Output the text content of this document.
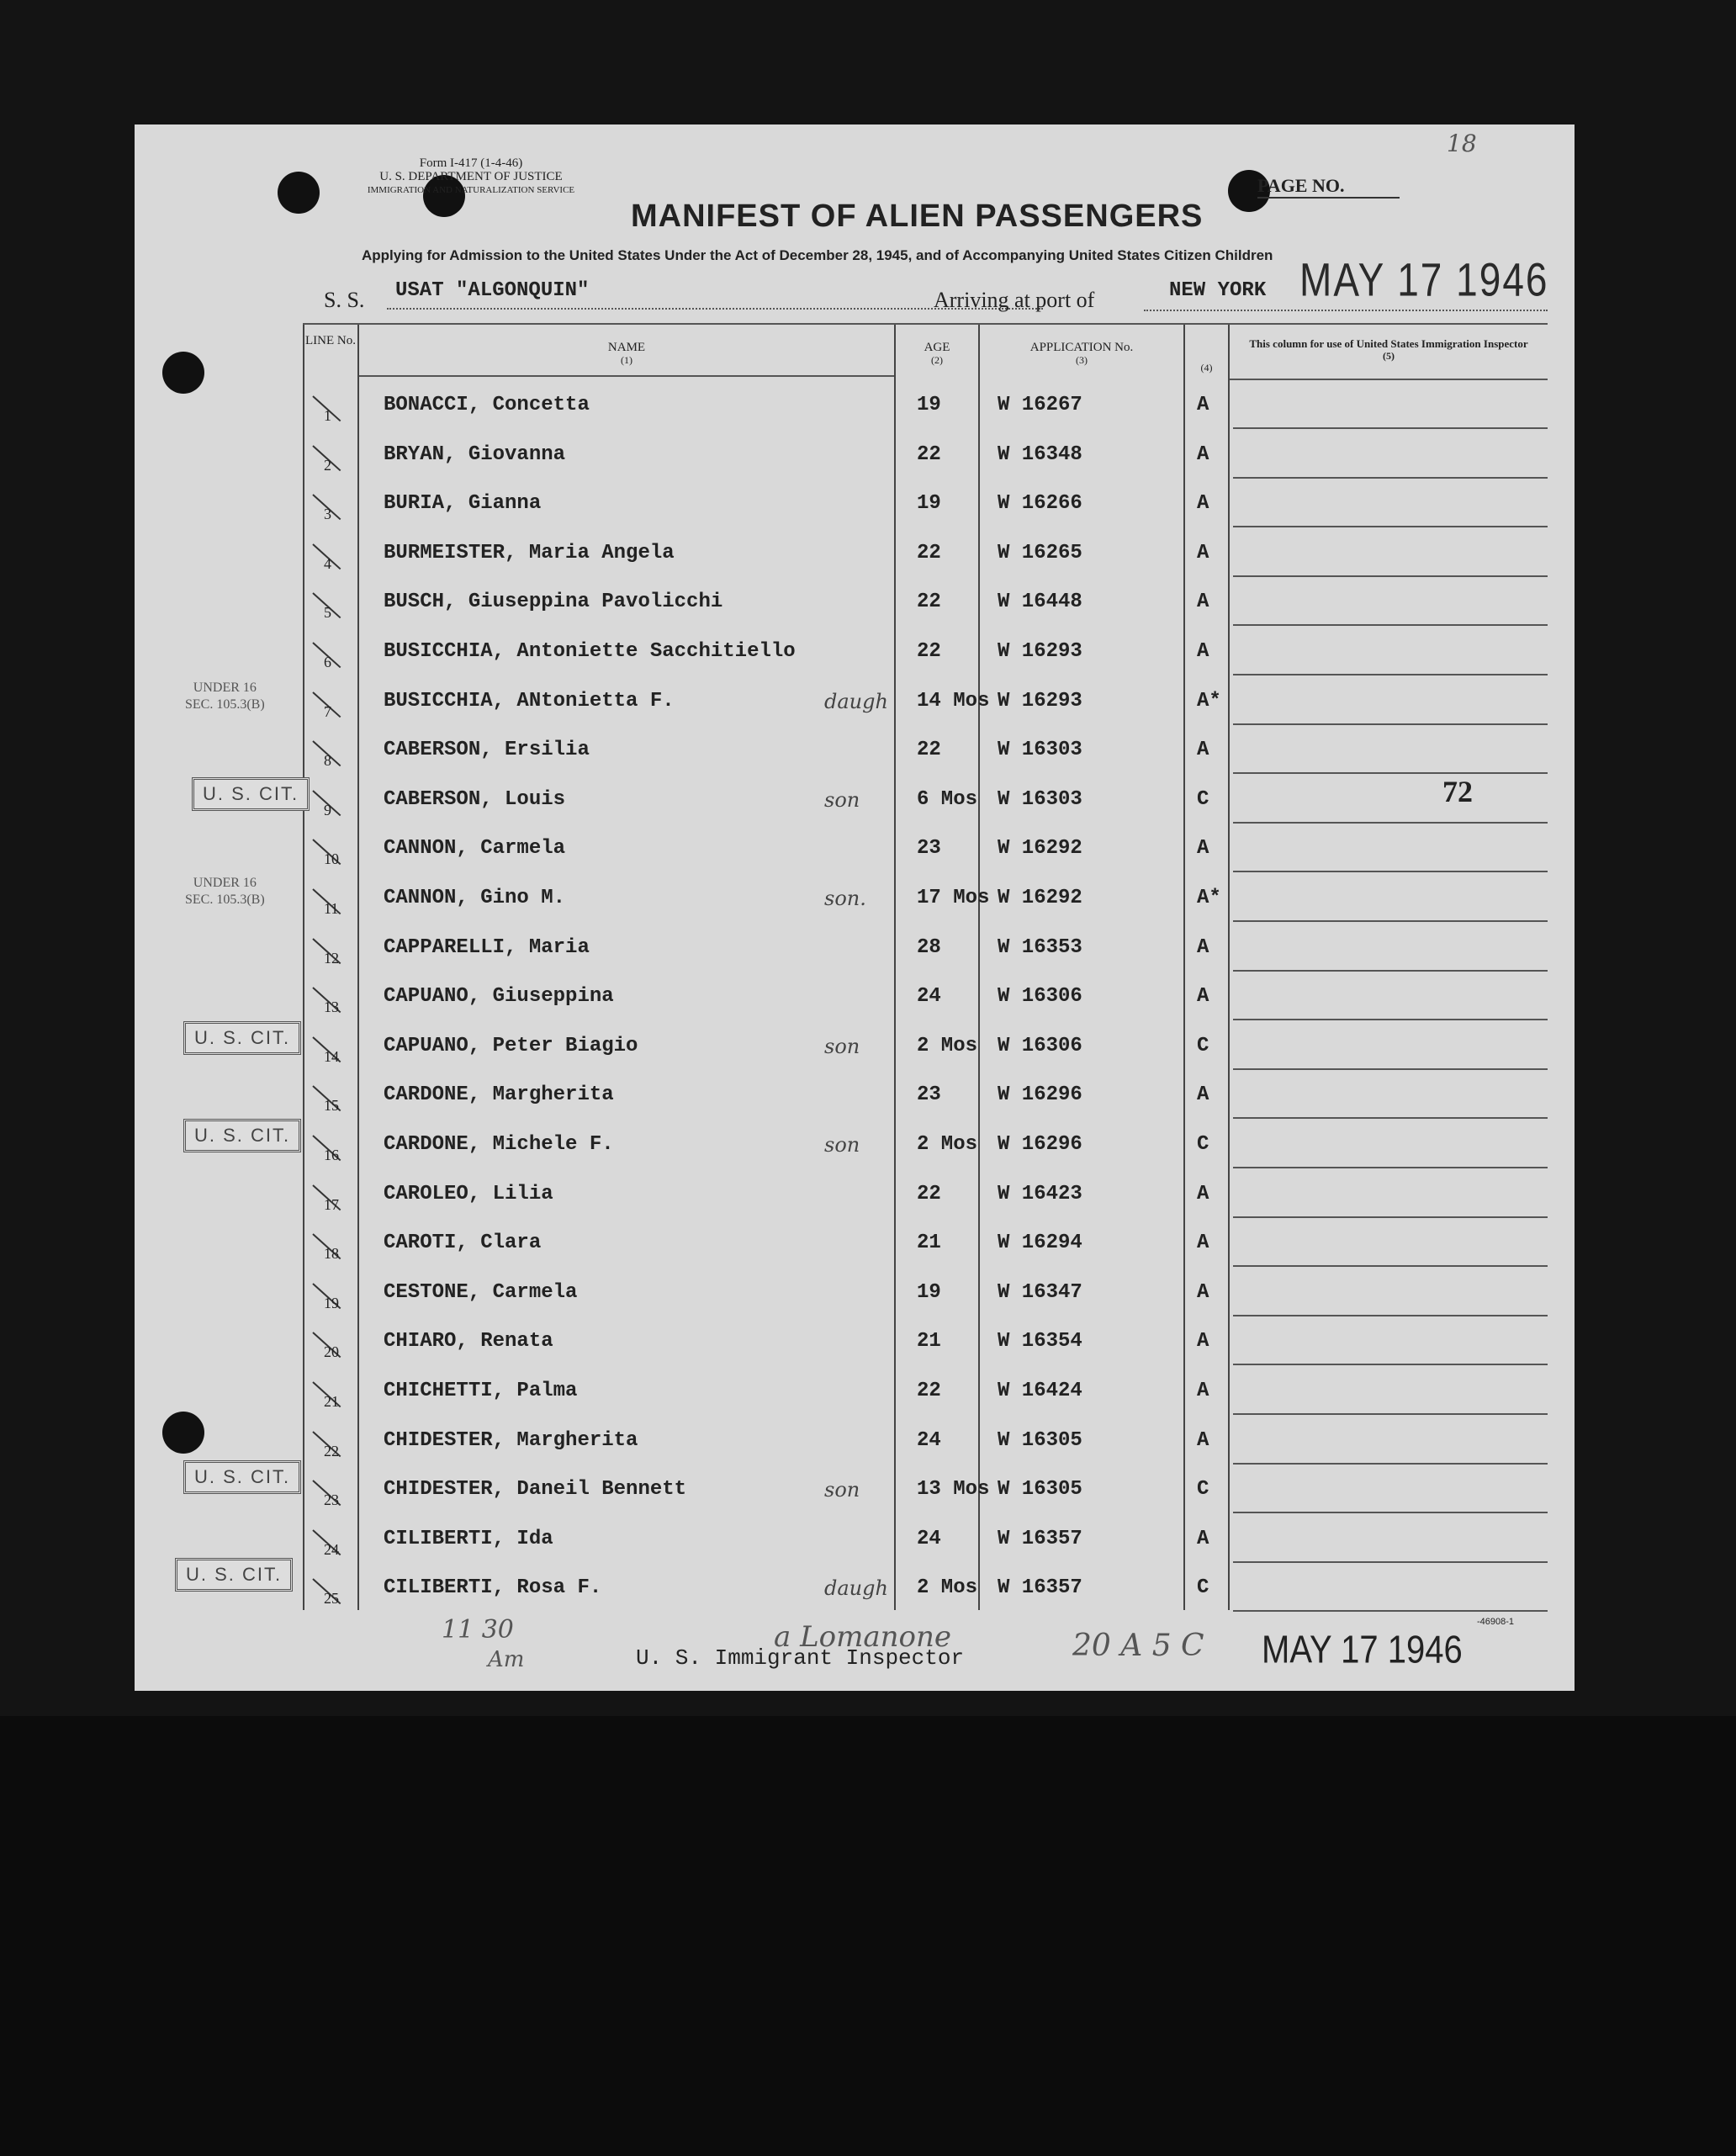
Form I-417 (1-4-46)
U. S. DEPARTMENT OF JUSTICE
IMMIGRATION AND NATURALIZATION SERVICE	PAGE NO.
18
MANIFEST OF ALIEN PASSENGERS
Applying for Admission to the United States Under the Act of December 28, 1945, and of Accompanying United States Citizen Children
S. S. USAT "ALGONQUIN"	Arriving at port of	NEW YORK MAY 17 1946
LINE No.	NAME
(1)
AGE
(2)
APPLICATION No.
(3)
(4)
This column for use of United States Immigration Inspector
(5)
1	BONACCI, Concetta	19	W 16267	A
2	BRYAN, Giovanna	22	W 16348	A
3	BURIA, Gianna	19	W 16266	A
4	BURMEISTER, Maria Angela	22	W 16265	A
5	BUSCH, Giuseppina Pavolicchi	22	W 16448	A
6	BUSICCHIA, Antoniette Sacchitiello	22	W 16293	A
7	BUSICCHIA, ANtonietta F.	daugh 14 Mos W 16293	A*
8	CABERSON, Ersilia	22	W 16303	A
9	CABERSON, Louis	son	6 Mos W 16303	C
10 CANNON, Carmela	23	W 16292	A
11 CANNON, Gino M.	son.	17 Mos W 16292	A*
12 CAPPARELLI, Maria	28	W 16353	A
13 CAPUANO, Giuseppina	24	W 16306	A
14 CAPUANO, Peter Biagio	son	2 Mos W 16306	C
15 CARDONE, Margherita	23	W 16296	A
16 CARDONE, Michele F.	son	2 Mos W 16296	C
17 CAROLEO, Lilia	22	W 16423	A
18 CAROTI, Clara	21	W 16294	A
19 CESTONE, Carmela	19	W 16347	A
20 CHIARO, Renata	21	W 16354	A
21 CHICHETTI, Palma	22	W 16424	A
22 CHIDESTER, Margherita	24	W 16305	A
23 CHIDESTER, Daneil Bennett	son	13 Mos W 16305	C
24 CILIBERTI, Ida	24	W 16357	A
25 CILIBERTI, Rosa F.	daugh 2 Mos W 16357	C
UNDER 16
SEC. 105.3(B)
UNDER 16
SEC. 105.3(B)
U. S. CIT.
U. S. CIT.
U. S. CIT.
U. S. CIT.
U. S. CIT.
72
11 30
Am
a Lomanone
U. S. Immigrant Inspector	20 A 5 C MAY 17 1946
-46908-1
